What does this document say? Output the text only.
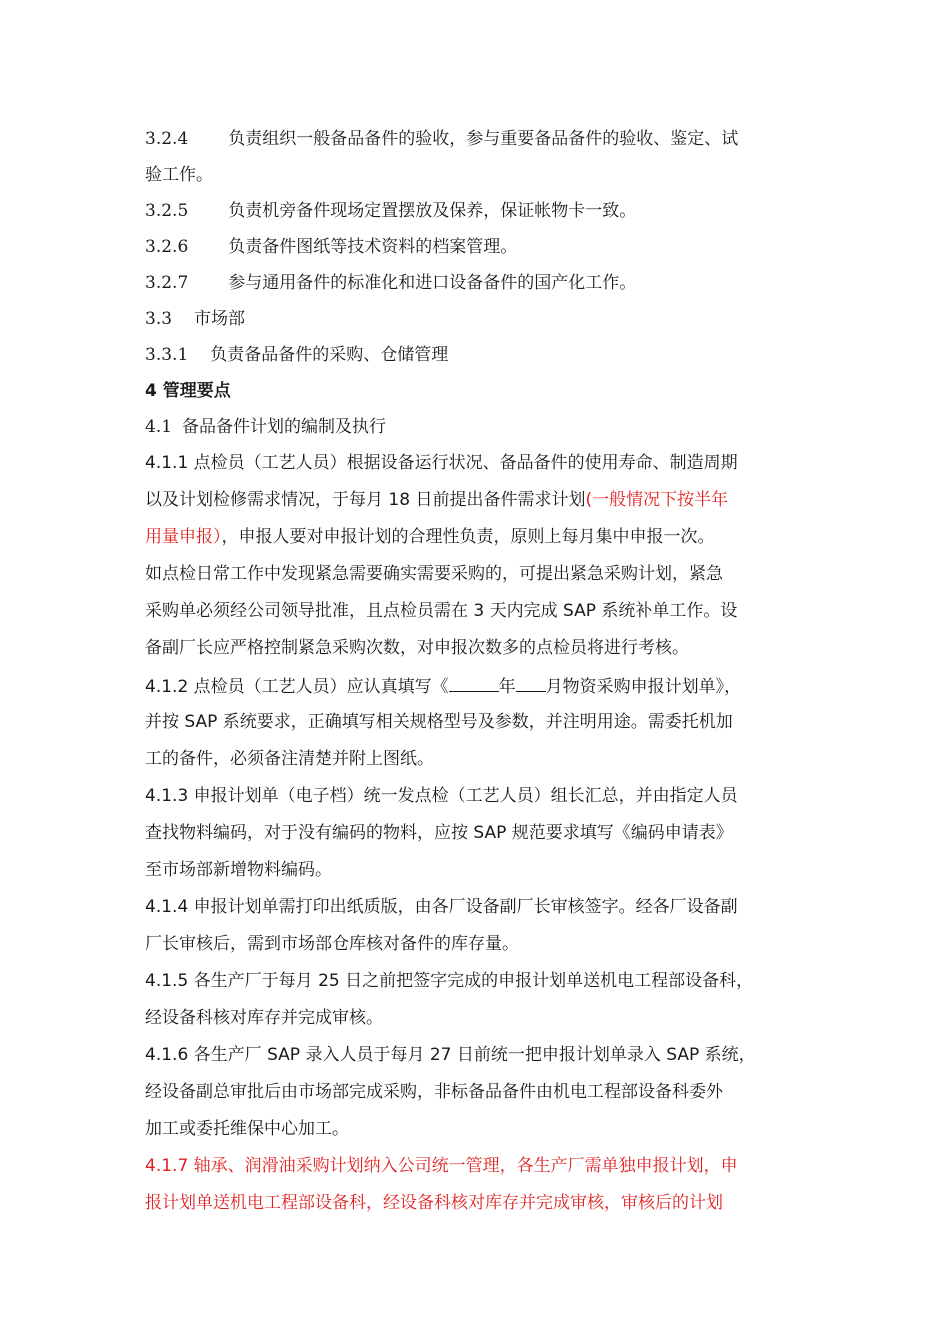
3.2.4 负责组织一般备品备件的验收，参与重要备品备件的验收、鉴定、试
验工作。
3.2.5 负责机旁备件现场定置摆放及保养，保证帐物卡一致。
3.2.6 负责备件图纸等技术资料的档案管理。
3.2.7 参与通用备件的标准化和进口设备备件的国产化工作。
3.3 市场部
3.3.1 负责备品备件的采购、仓储管理
4 管理要点
4.1 备品备件计划的编制及执行
4.1.1 点检员（工艺人员）根据设备运行状况、备品备件的使用寿命、制造周期
以及计划检修需求情况，于每月 18 日前提出备件需求计划(一般情况下按半年
用量申报），申报人要对申报计划的合理性负责，原则上每月集中申报一次。
如点检日常工作中发现紧急需要确实需要采购的，可提出紧急采购计划，紧急
采购单必须经公司领导批准，且点检员需在 3 天内完成 SAP 系统补单工作。设
备副厂长应严格控制紧急采购次数，对申报次数多的点检员将进行考核。
4.1.2 点检员（工艺人员）应认真填写《	年 月物资采购申报计划单》，
并按 SAP 系统要求，正确填写相关规格型号及参数，并注明用途。需委托机加
工的备件，必须备注清楚并附上图纸。
4.1.3 申报计划单（电子档）统一发点检（工艺人员）组长汇总，并由指定人员
查找物料编码，对于没有编码的物料，应按 SAP 规范要求填写《编码申请表》
至市场部新增物料编码。
4.1.4 申报计划单需打印出纸质版，由各厂设备副厂长审核签字。经各厂设备副
厂长审核后，需到市场部仓库核对备件的库存量。
4.1.5 各生产厂于每月 25 日之前把签字完成的申报计划单送机电工程部设备科，
经设备科核对库存并完成审核。
4.1.6 各生产厂 SAP 录入人员于每月 27 日前统一把申报计划单录入 SAP 系统，
经设备副总审批后由市场部完成采购，非标备品备件由机电工程部设备科委外
加工或委托维保中心加工。
4.1.7 轴承、润滑油采购计划纳入公司统一管理，各生产厂需单独申报计划，申
报计划单送机电工程部设备科，经设备科核对库存并完成审核，审核后的计划
